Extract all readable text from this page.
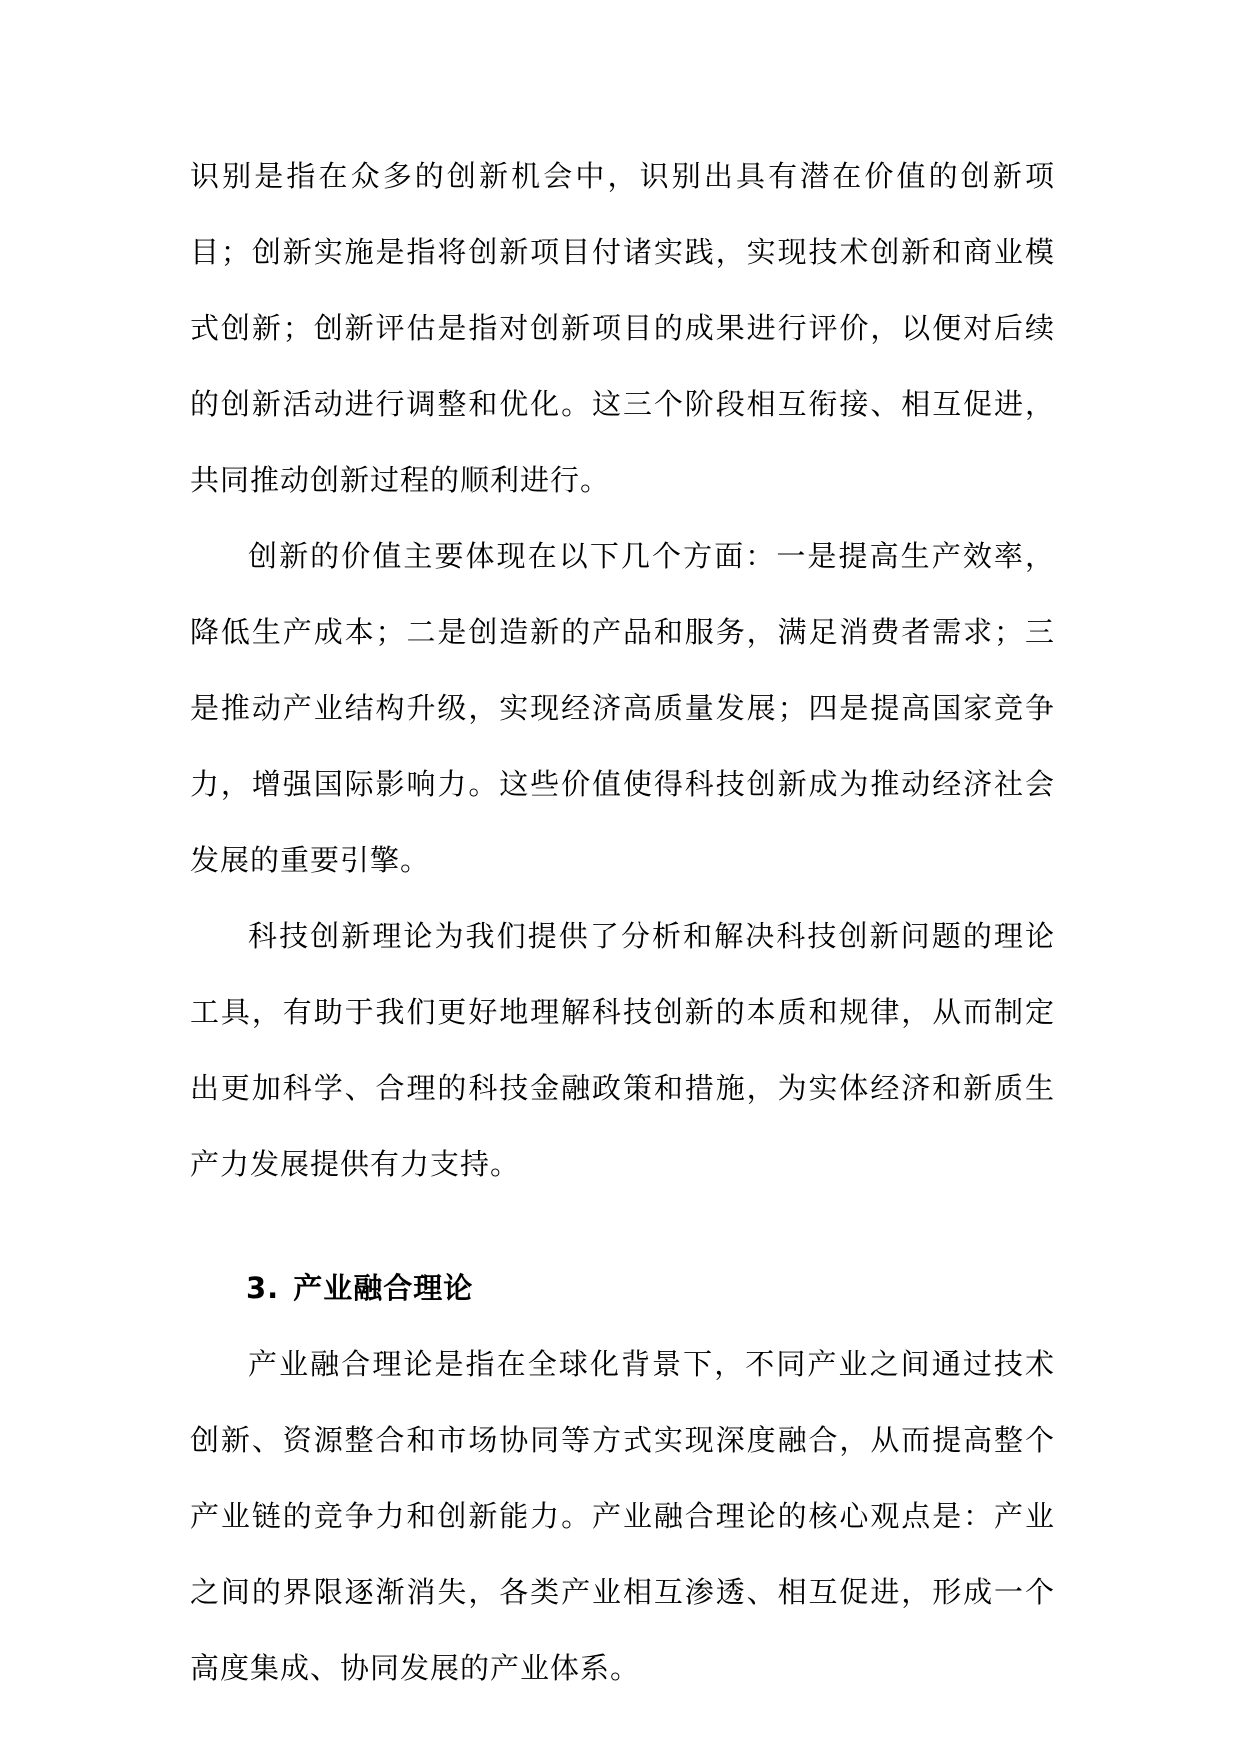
识别是指在众多的创新机会中，识别出具有潜在价值的创新项目；创新实施是指将创新项目付诸实践，实现技术创新和商业模式创新；创新评估是指对创新项目的成果进行评价，以便对后续的创新活动进行调整和优化。这三个阶段相互衔接、相互促进，共同推动创新过程的顺利进行。

创新的价值主要体现在以下几个方面：一是提高生产效率，降低生产成本；二是创造新的产品和服务，满足消费者需求；三是推动产业结构升级，实现经济高质量发展；四是提高国家竞争力，增强国际影响力。这些价值使得科技创新成为推动经济社会发展的重要引擎。

科技创新理论为我们提供了分析和解决科技创新问题的理论工具，有助于我们更好地理解科技创新的本质和规律，从而制定出更加科学、合理的科技金融政策和措施，为实体经济和新质生产力发展提供有力支持。

3. 产业融合理论

产业融合理论是指在全球化背景下，不同产业之间通过技术创新、资源整合和市场协同等方式实现深度融合，从而提高整个产业链的竞争力和创新能力。产业融合理论的核心观点是：产业之间的界限逐渐消失，各类产业相互渗透、相互促进，形成一个高度集成、协同发展的产业体系。
